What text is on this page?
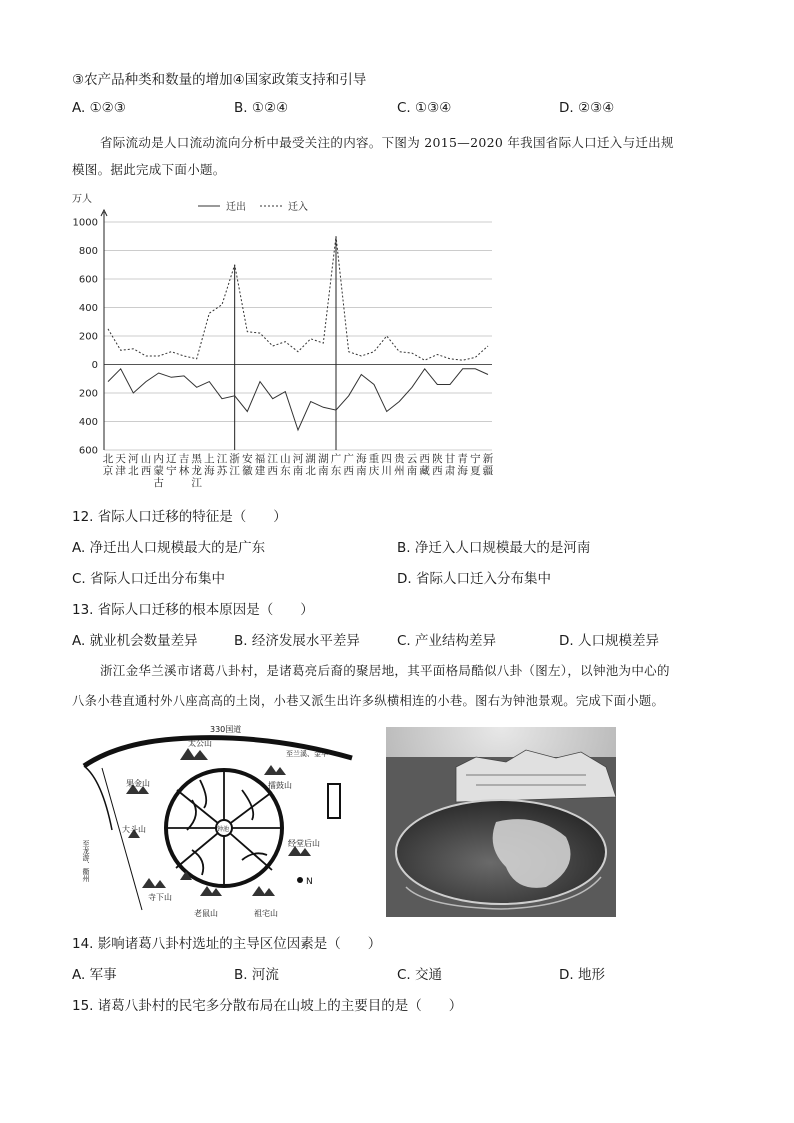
③农产品种类和数量的增加④国家政策支持和引导
A. ①②③	B. ①②④	C. ①③④	D. ②③④
省际流动是人口流动流向分析中最受关注的内容。下图为 2015—2020 年我国省际人口迁入与迁出规
模图。据此完成下面小题。
万人
1000
800
600
400
200
0
200
400
600
迁出	迁入
北
京
天
津
河
北
山
西
内
蒙
古
辽
宁
吉
林
黑
龙
江
上
海
江
苏
浙
江
安
徽
福
建
江
西
山
东
河
南
湖
北
湖
南
广
东
广
西
海
南
重
庆
四
川
贵
州
云
南
西
藏
陕
西
甘
肃
青
海
宁
夏
新
疆
12. 省际人口迁移的特征是（　　）
A. 净迁出人口规模最大的是广东	B. 净迁入人口规模最大的是河南
C. 省际人口迁出分布集中	D. 省际人口迁入分布集中
13. 省际人口迁移的根本原因是（　　）
A. 就业机会数量差异	B. 经济发展水平差异	C. 产业结构差异	D. 人口规模差异
浙江金华兰溪市诸葛八卦村，是诸葛亮后裔的聚居地，其平面格局酷似八卦（图左），以钟池为中心的
八条小巷直通村外八座高高的土岗，小巷又派生出许多纵横相连的小巷。图右为钟池景观。完成下面小题。
330国道
钟池
太公山
至兰溪、金华
果金山	擂鼓山
大斗山
经堂后山
至龙游、衢州
寺下山
老鼠山	祖宅山
N
14. 影响诸葛八卦村选址的主导区位因素是（　　）
A. 军事	B. 河流	C. 交通	D. 地形
15. 诸葛八卦村的民宅多分散布局在山坡上的主要目的是（　　）
